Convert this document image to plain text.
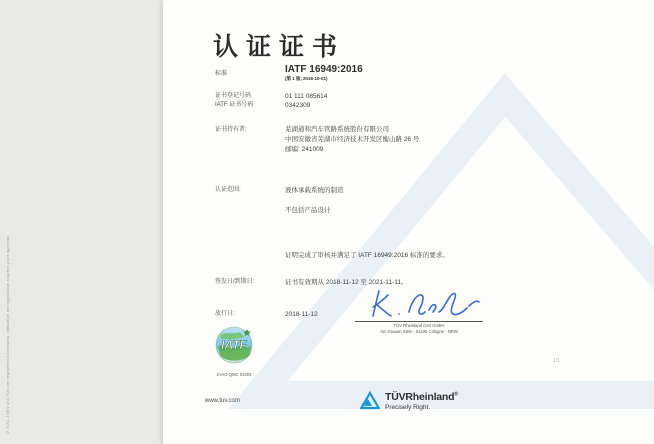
© TÜV, TUEV and TUV are registered trademarks. Utilisation and application requires prior approval.
认证证书
标准	IATF 16949:2016
(第 1 版, 2016-10-01)
证书登记号码	01 111 085614
IATF 证书号码	0342309
证书持有者:	芜湖通和汽车管路系统股份有限公司
中国安徽省芜湖市经济技术开发区衡山路 26 号
邮编: 241009
认证范围:	液体承载系统的制造
不包括产品设计
证明完成了审核并满足了 IATF 16949:2016 标准的要求。
签发日/到期日:	证书有效期从 2018-11-12 至 2021-11-11。
放行日:	2018-11-12
TÜV Rheinland Cert GmbH
Am Grauen Stein · 51105 Cologne · NRW
IATF
2-IAO-QMC 01003
1/1
www.tuv.com	TÜVRheinland®
Precisely Right.
